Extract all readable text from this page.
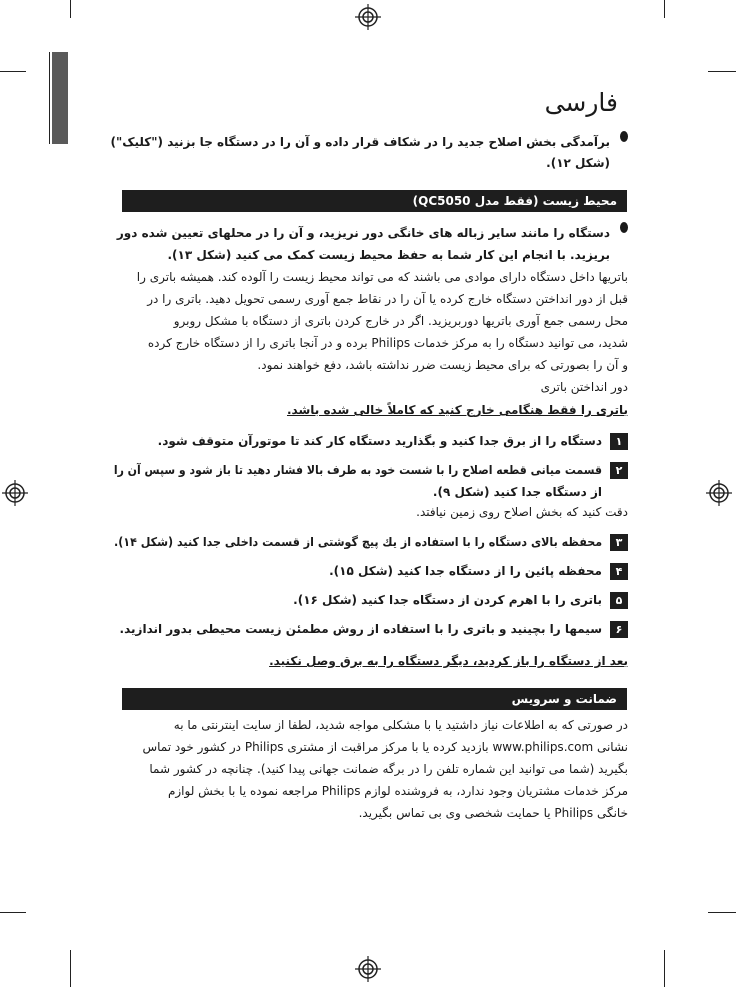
فارسی
برآمدگی بخش اصلاح جدید را در شکاف قرار داده و آن را در دستگاه جا بزنید ("کلیک")
(شکل ۱۲).
محیط زیست (فقط مدل QC5050)
دستگاه را مانند سایر زباله های خانگی دور نریزید، و آن را در محلهای تعیین شده دور
بریزید. با انجام این کار شما به حفظ محیط زیست کمک می کنید (شکل ۱۳).
باتریها داخل دستگاه دارای موادی می باشند که می تواند محیط زیست را آلوده کند. همیشه باتری را
قبل از دور انداختن دستگاه خارج کرده یا آن را در نقاط جمع آوری رسمی تحویل دهید. باتری را در
محل رسمی جمع آوری باتریها دوربریزید. اگر در خارج کردن باتری از دستگاه با مشکل روبرو
شدید، می توانید دستگاه را به مرکز خدمات Philips برده و در آنجا باتری را از دستگاه خارج کرده
و آن را بصورتی که برای محیط زیست ضرر نداشته باشد، دفع خواهند نمود.
دور انداختن باتری
باتری را فقط هنگامی خارج کنید که کاملاً خالی شده باشد.
۱
دستگاه را از برق جدا کنید و بگذارید دستگاه کار کند تا موتورآن متوقف شود.
۲
قسمت میانی قطعه اصلاح را با شست خود به طرف بالا فشار دهید تا باز شود و سپس آن را
از دستگاه جدا کنید (شکل ۹).
دقت کنید که بخش اصلاح روی زمین نیافتد.
۳
محفظه بالای دستگاه را با استفاده از یك پیچ گوشتی از قسمت داخلی جدا کنید (شکل ۱۴).
۴
محفظه پائین را از دستگاه جدا کنید (شکل ۱۵).
۵
باتری را با اهرم کردن از دستگاه جدا کنید (شکل ۱۶).
۶
سیمها را بچینید و باتری را با استفاده از روش مطمئن زیست محیطی بدور اندازید.
بعد از دستگاه را باز کردید، دیگر دستگاه را به برق وصل نکنید.
ضمانت و سرویس
در صورتی که به اطلاعات نیاز داشتید یا با مشکلی مواجه شدید، لطفا از سایت اینترنتی ما به
نشانی www.philips.com بازدید کرده یا با مرکز مراقبت از مشتری Philips در کشور خود تماس
بگیرید (شما می توانید این شماره تلفن را در برگه ضمانت جهانی پیدا کنید). چنانچه در کشور شما
مرکز خدمات مشتریان وجود ندارد، به فروشنده لوازم Philips مراجعه نموده یا با بخش لوازم
خانگی Philips یا حمایت شخصی وی بی تماس بگیرید.
